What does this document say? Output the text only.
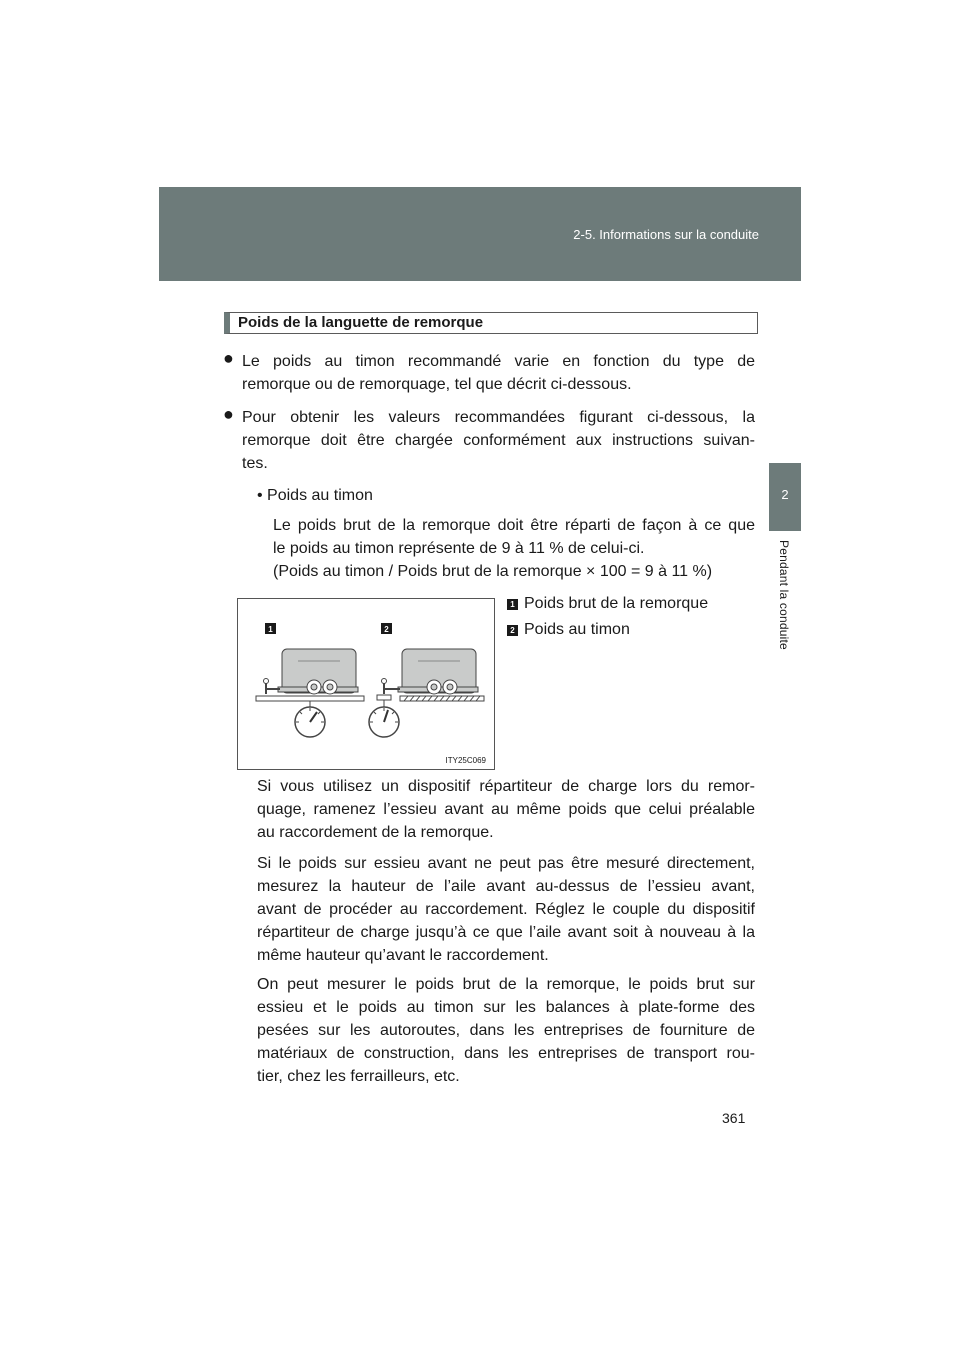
2-5. Informations sur la conduite
2
Pendant la conduite
Poids de la languette de remorque
● Le poids au timon recommandé varie en fonction du type de
remorque ou de remorquage, tel que décrit ci-dessous.
● Pour obtenir les valeurs recommandées figurant ci-dessous, la
remorque doit être chargée conformément aux instructions suivan-
tes.
• Poids au timon
Le poids brut de la remorque doit être réparti de façon à ce que
le poids au timon représente de 9 à 11 % de celui-ci.
(Poids au timon / Poids brut de la remorque × 100 = 9 à 11 %)
1	2
ITY25C069
1 Poids brut de la remorque
2 Poids au timon
Si vous utilisez un dispositif répartiteur de charge lors du remor-
quage, ramenez l’essieu avant au même poids que celui préalable
au raccordement de la remorque.
Si le poids sur essieu avant ne peut pas être mesuré directement,
mesurez la hauteur de l’aile avant au-dessus de l’essieu avant,
avant de procéder au raccordement. Réglez le couple du dispositif
répartiteur de charge jusqu’à ce que l’aile avant soit à nouveau à la
même hauteur qu’avant le raccordement.
On peut mesurer le poids brut de la remorque, le poids brut sur
essieu et le poids au timon sur les balances à plate-forme des
pesées sur les autoroutes, dans les entreprises de fourniture de
matériaux de construction, dans les entreprises de transport rou-
tier, chez les ferrailleurs, etc.
361
